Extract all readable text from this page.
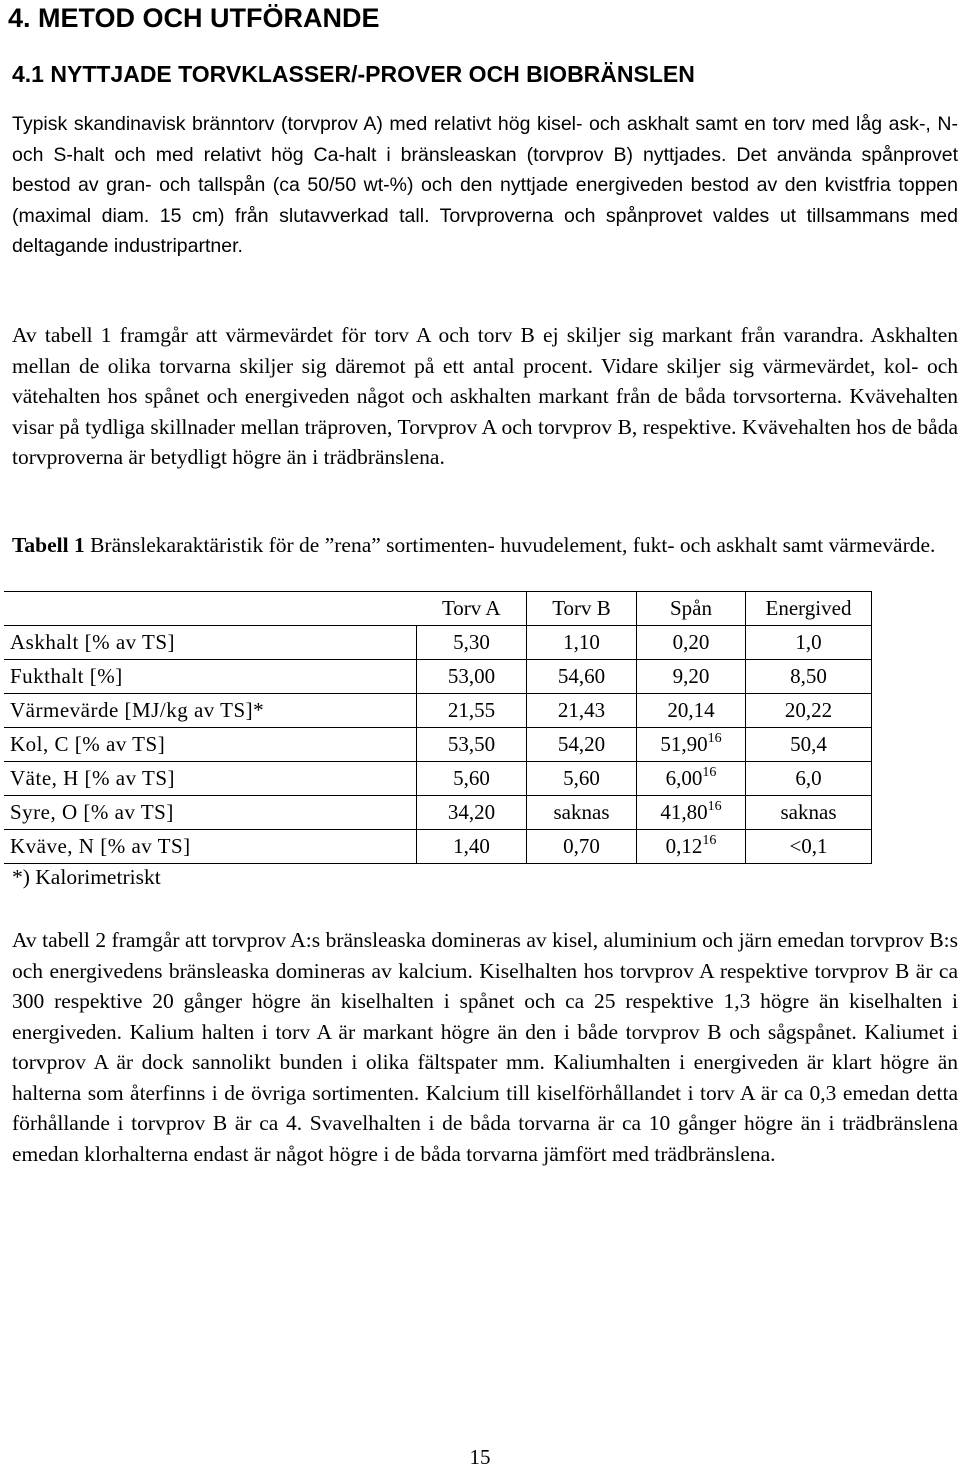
4. METOD OCH UTFÖRANDE
4.1 NYTTJADE TORVKLASSER/-PROVER OCH BIOBRÄNSLEN

Typisk skandinavisk bränntorv (torvprov A) med relativt hög kisel- och askhalt samt en torv med låg ask-, N- och S-halt och med relativt hög Ca-halt i bränsleaskan (torvprov B) nyttjades. Det använda spånprovet bestod av gran- och tallspån (ca 50/50 wt-%) och den nyttjade energiveden bestod av den kvistfria toppen (maximal diam. 15 cm) från slutavverkad tall. Torvproverna och spånprovet valdes ut tillsammans med deltagande industripartner.

Av tabell 1 framgår att värmevärdet för torv A och torv B ej skiljer sig markant från varandra. Askhalten mellan de olika torvarna skiljer sig däremot på ett antal procent. Vidare skiljer sig värmevärdet, kol- och vätehalten hos spånet och energiveden något och askhalten markant från de båda torvsorterna. Kvävehalten visar på tydliga skillnader mellan träproven, Torvprov A och torvprov B, respektive. Kvävehalten hos de båda torvproverna är betydligt högre än i trädbränslena.

Tabell 1 Bränslekaraktäristik för de ”rena” sortimenten- huvudelement, fukt- och askhalt samt värmevärde.

	Torv A	Torv B	Spån	Energived
Askhalt [% av TS]	5,30	1,10	0,20	1,0
Fukthalt [%]	53,00	54,60	9,20	8,50
Värmevärde [MJ/kg av TS]*	21,55	21,43	20,14	20,22
Kol, C [% av TS]	53,50	54,20	51,90$^{16}$	50,4
Väte, H [% av TS]	5,60	5,60	6,00$^{16}$	6,0
Syre, O [% av TS]	34,20	saknas	41,80$^{16}$	saknas
Kväve, N [% av TS]	1,40	0,70	$0,12^{16}$	<0,1
*) Kalorimetriskt

Av tabell 2 framgår att torvprov A:s bränsleaska domineras av kisel, aluminium och järn emedan torvprov B:s och energivedens bränsleaska domineras av kalcium. Kiselhalten hos torvprov A respektive torvprov B är ca 300 respektive 20 gånger högre än kiselhalten i spånet och ca 25 respektive 1,3 högre än kiselhalten i energiveden. Kalium halten i torv A är markant högre än den i både torvprov B och sågspånet. Kaliumet i torvprov A är dock sannolikt bunden i olika fältspater mm. Kaliumhalten i energiveden är klart högre än halterna som återfinns i de övriga sortimenten. Kalcium till kiselförhållandet i torv A är ca 0,3 emedan detta förhållande i torvprov B är ca 4. Svavelhalten i de båda torvarna är ca 10 gånger högre än i trädbränslena emedan klorhalterna endast är något högre i de båda torvarna jämfört med trädbränslena.

15
